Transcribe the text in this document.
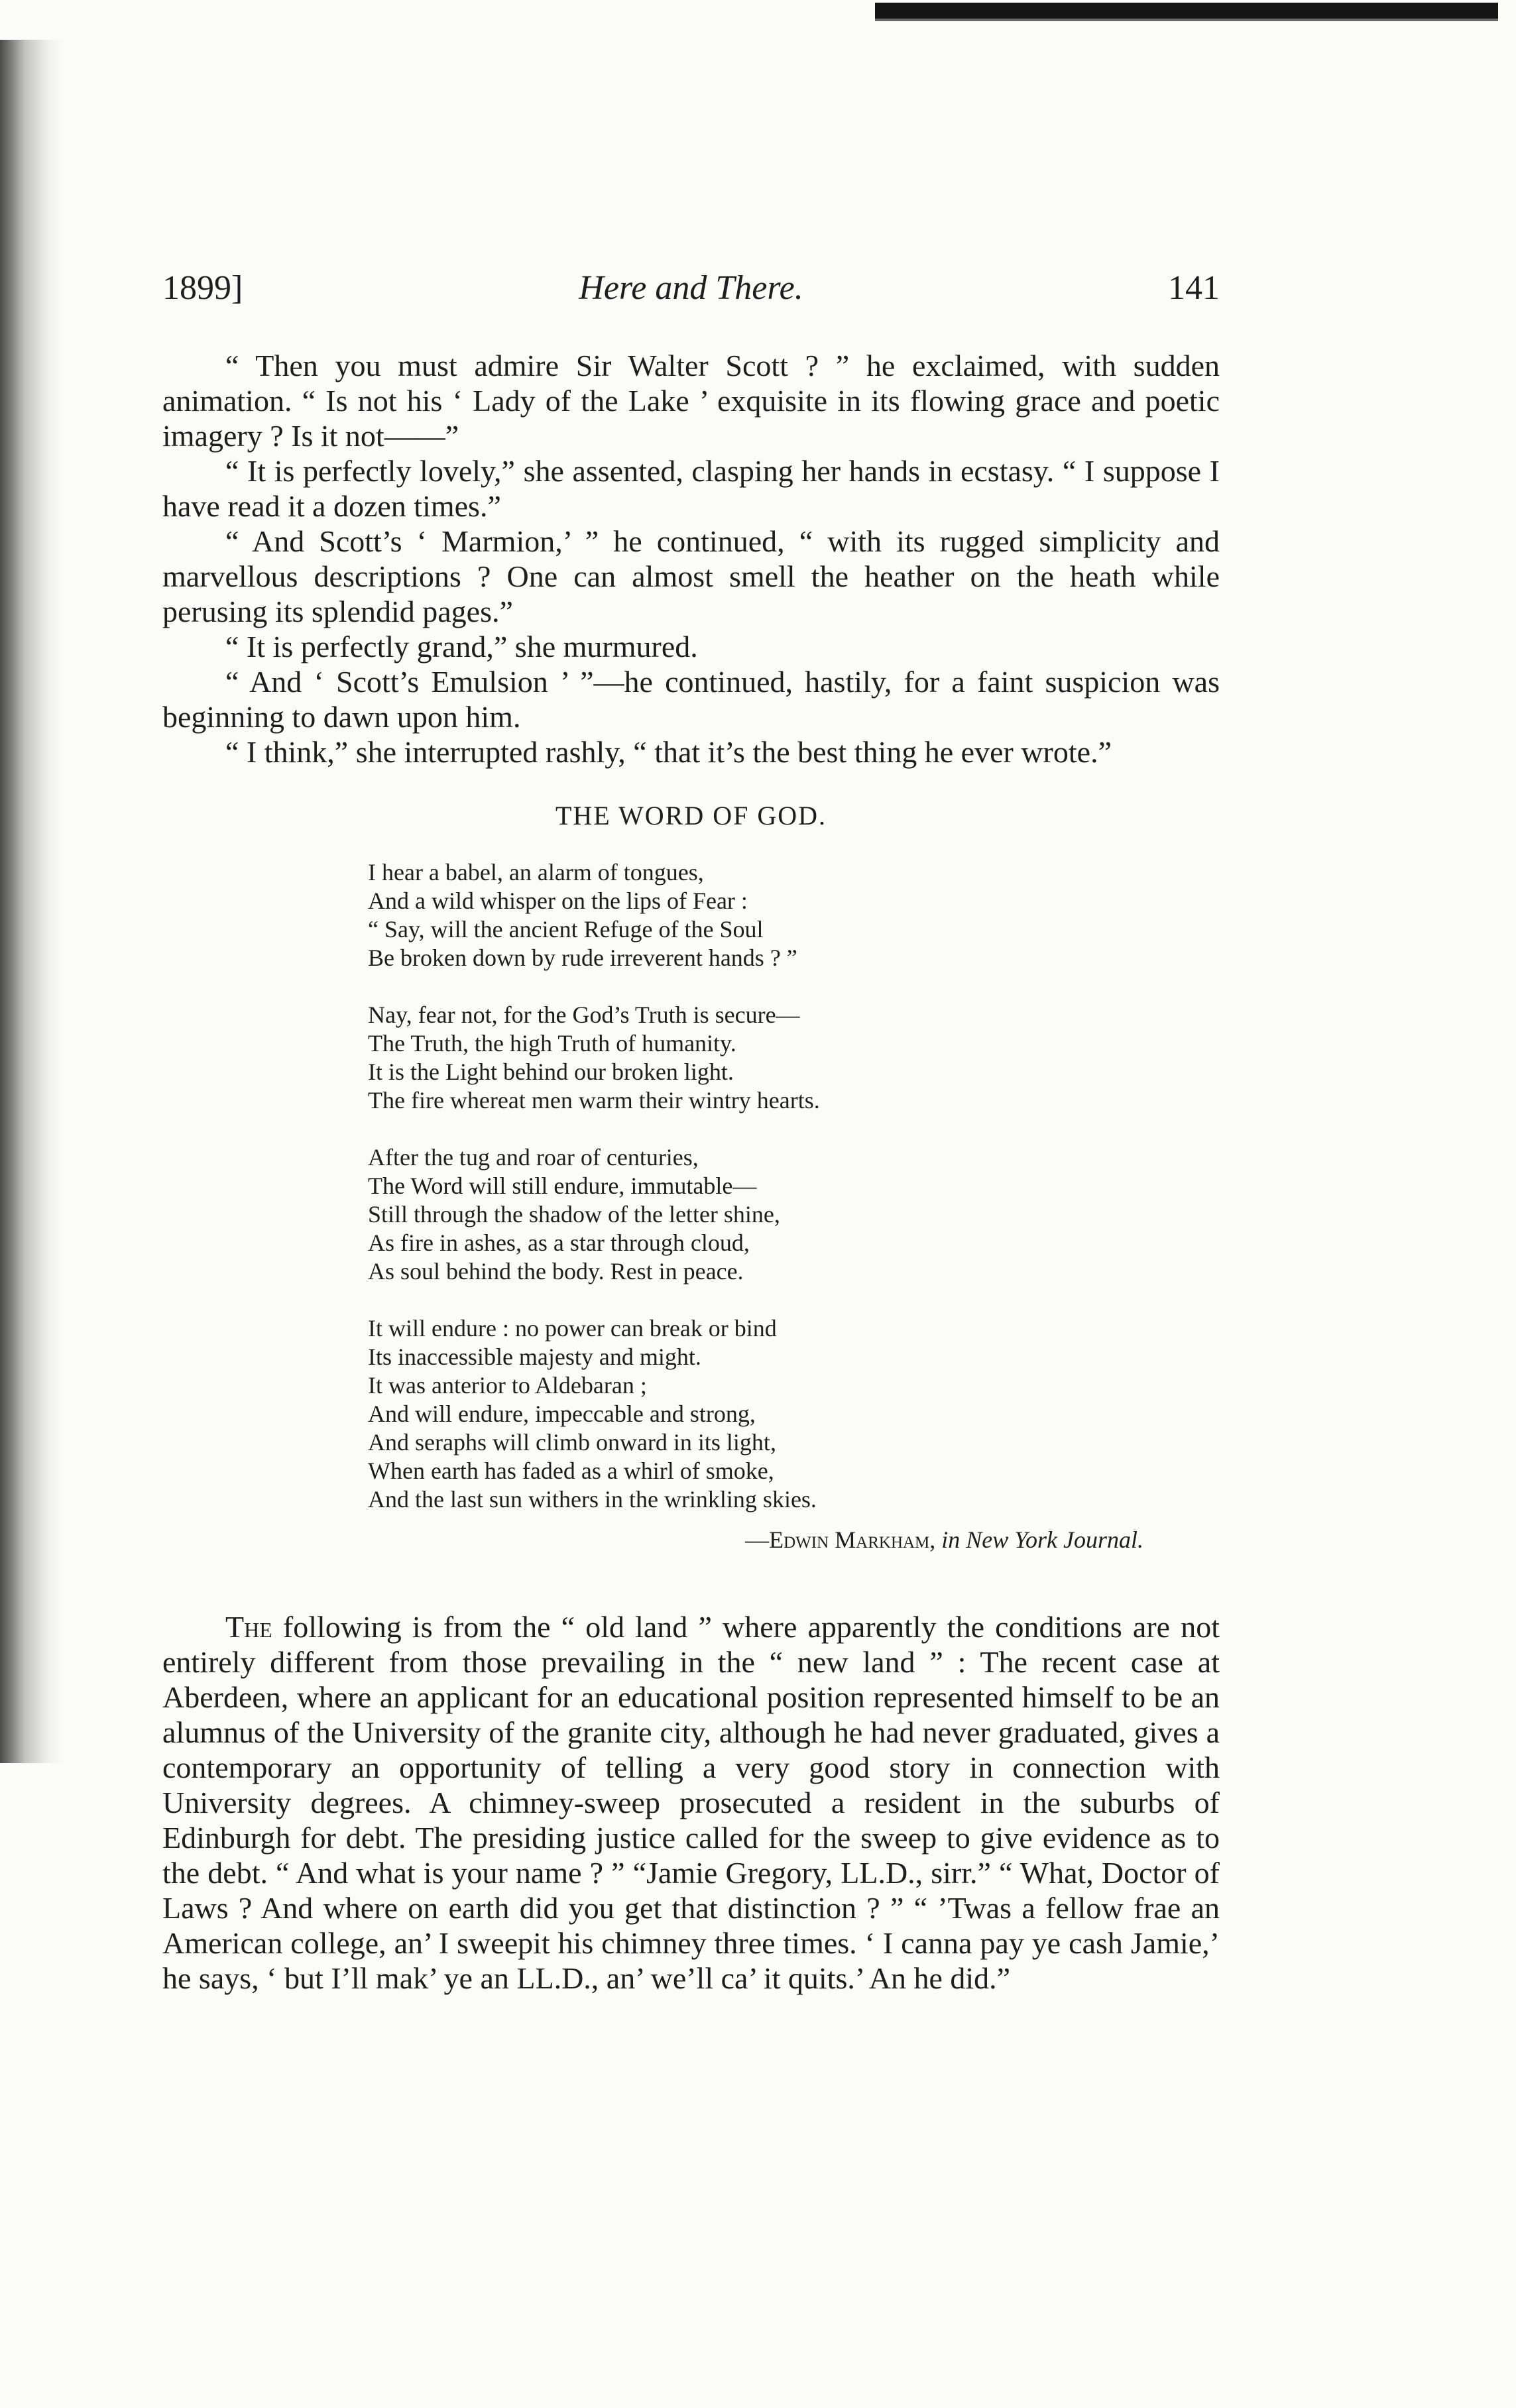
1899]	Here and There.	141

“ Then you must admire Sir Walter Scott ? ” he exclaimed, with sudden animation. “ Is not his ‘ Lady of the Lake ’ exquisite in its flowing grace and poetic imagery ? Is it not——”

“ It is perfectly lovely,” she assented, clasping her hands in ecstasy. “ I suppose I have read it a dozen times.”

“ And Scott’s ‘ Marmion,’ ” he continued, “ with its rugged simplicity and marvellous descriptions ? One can almost smell the heather on the heath while perusing its splendid pages.”

“ It is perfectly grand,” she murmured.

“ And ‘ Scott’s Emulsion ’ ”—he continued, hastily, for a faint suspicion was beginning to dawn upon him.

“ I think,” she interrupted rashly, “ that it’s the best thing he ever wrote.”

THE WORD OF GOD.
I hear a babel, an alarm of tongues,
And a wild whisper on the lips of Fear :
“ Say, will the ancient Refuge of the Soul
Be broken down by rude irreverent hands ? ”
Nay, fear not, for the God’s Truth is secure—
The Truth, the high Truth of humanity.
It is the Light behind our broken light.
The fire whereat men warm their wintry hearts.
After the tug and roar of centuries,
The Word will still endure, immutable—
Still through the shadow of the letter shine,
As fire in ashes, as a star through cloud,
As soul behind the body. Rest in peace.
It will endure : no power can break or bind
Its inaccessible majesty and might.
It was anterior to Aldebaran ;
And will endure, impeccable and strong,
And seraphs will climb onward in its light,
When earth has faded as a whirl of smoke,
And the last sun withers in the wrinkling skies.
—Edwin Markham, in New York Journal.

The following is from the “ old land ” where apparently the conditions are not entirely different from those prevailing in the “ new land ” : The recent case at Aberdeen, where an applicant for an educational position represented himself to be an alumnus of the University of the granite city, although he had never graduated, gives a contemporary an opportunity of telling a very good story in connection with University degrees. A chimney-sweep prosecuted a resident in the suburbs of Edinburgh for debt. The presiding justice called for the sweep to give evidence as to the debt. “ And what is your name ? ” “Jamie Gregory, LL.D., sirr.” “ What, Doctor of Laws ? And where on earth did you get that distinction ? ” “ ’Twas a fellow frae an American college, an’ I sweepit his chimney three times. ‘ I canna pay ye cash Jamie,’ he says, ‘ but I’ll mak’ ye an LL.D., an’ we’ll ca’ it quits.’ An he did.”
